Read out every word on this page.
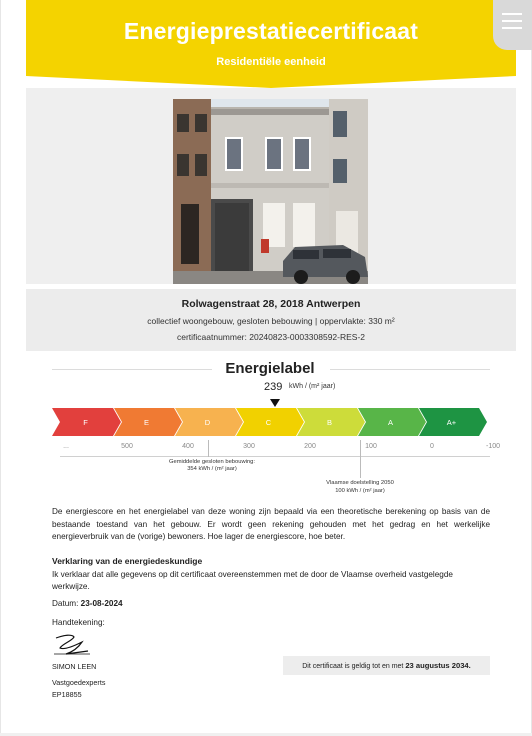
Energieprestatiecertificaat
Residentiële eenheid
Rolwagenstraat 28, 2018 Antwerpen
collectief woongebouw, gesloten bebouwing | oppervlakte: 330 m²
certificaatnummer: 20240823-0003308592-RES-2
Energielabel
239 kWh / (m² jaar)
F	E	D	C	B	A	A+
...	500	400	300	200	100	0	-100
Gemiddelde gesloten bebouwing:
354 kWh / (m² jaar)
Vlaamse doelstelling 2050
100 kWh / (m² jaar)
De energiescore en het energielabel van deze woning zijn bepaald via een theoretische berekening op basis van de bestaande toestand van het gebouw. Er wordt geen rekening gehouden met het gedrag en het werkelijke energieverbruik van de (vorige) bewoners. Hoe lager de energiescore, hoe beter.
Verklaring van de energiedeskundige
Ik verklaar dat alle gegevens op dit certificaat overeenstemmen met de door de Vlaamse overheid vastgelegde werkwijze.
Datum: 23-08-2024
Handtekening:
SIMON LEEN
Vastgoedexperts
EP18855
Dit certificaat is geldig tot en met 23 augustus 2034.
